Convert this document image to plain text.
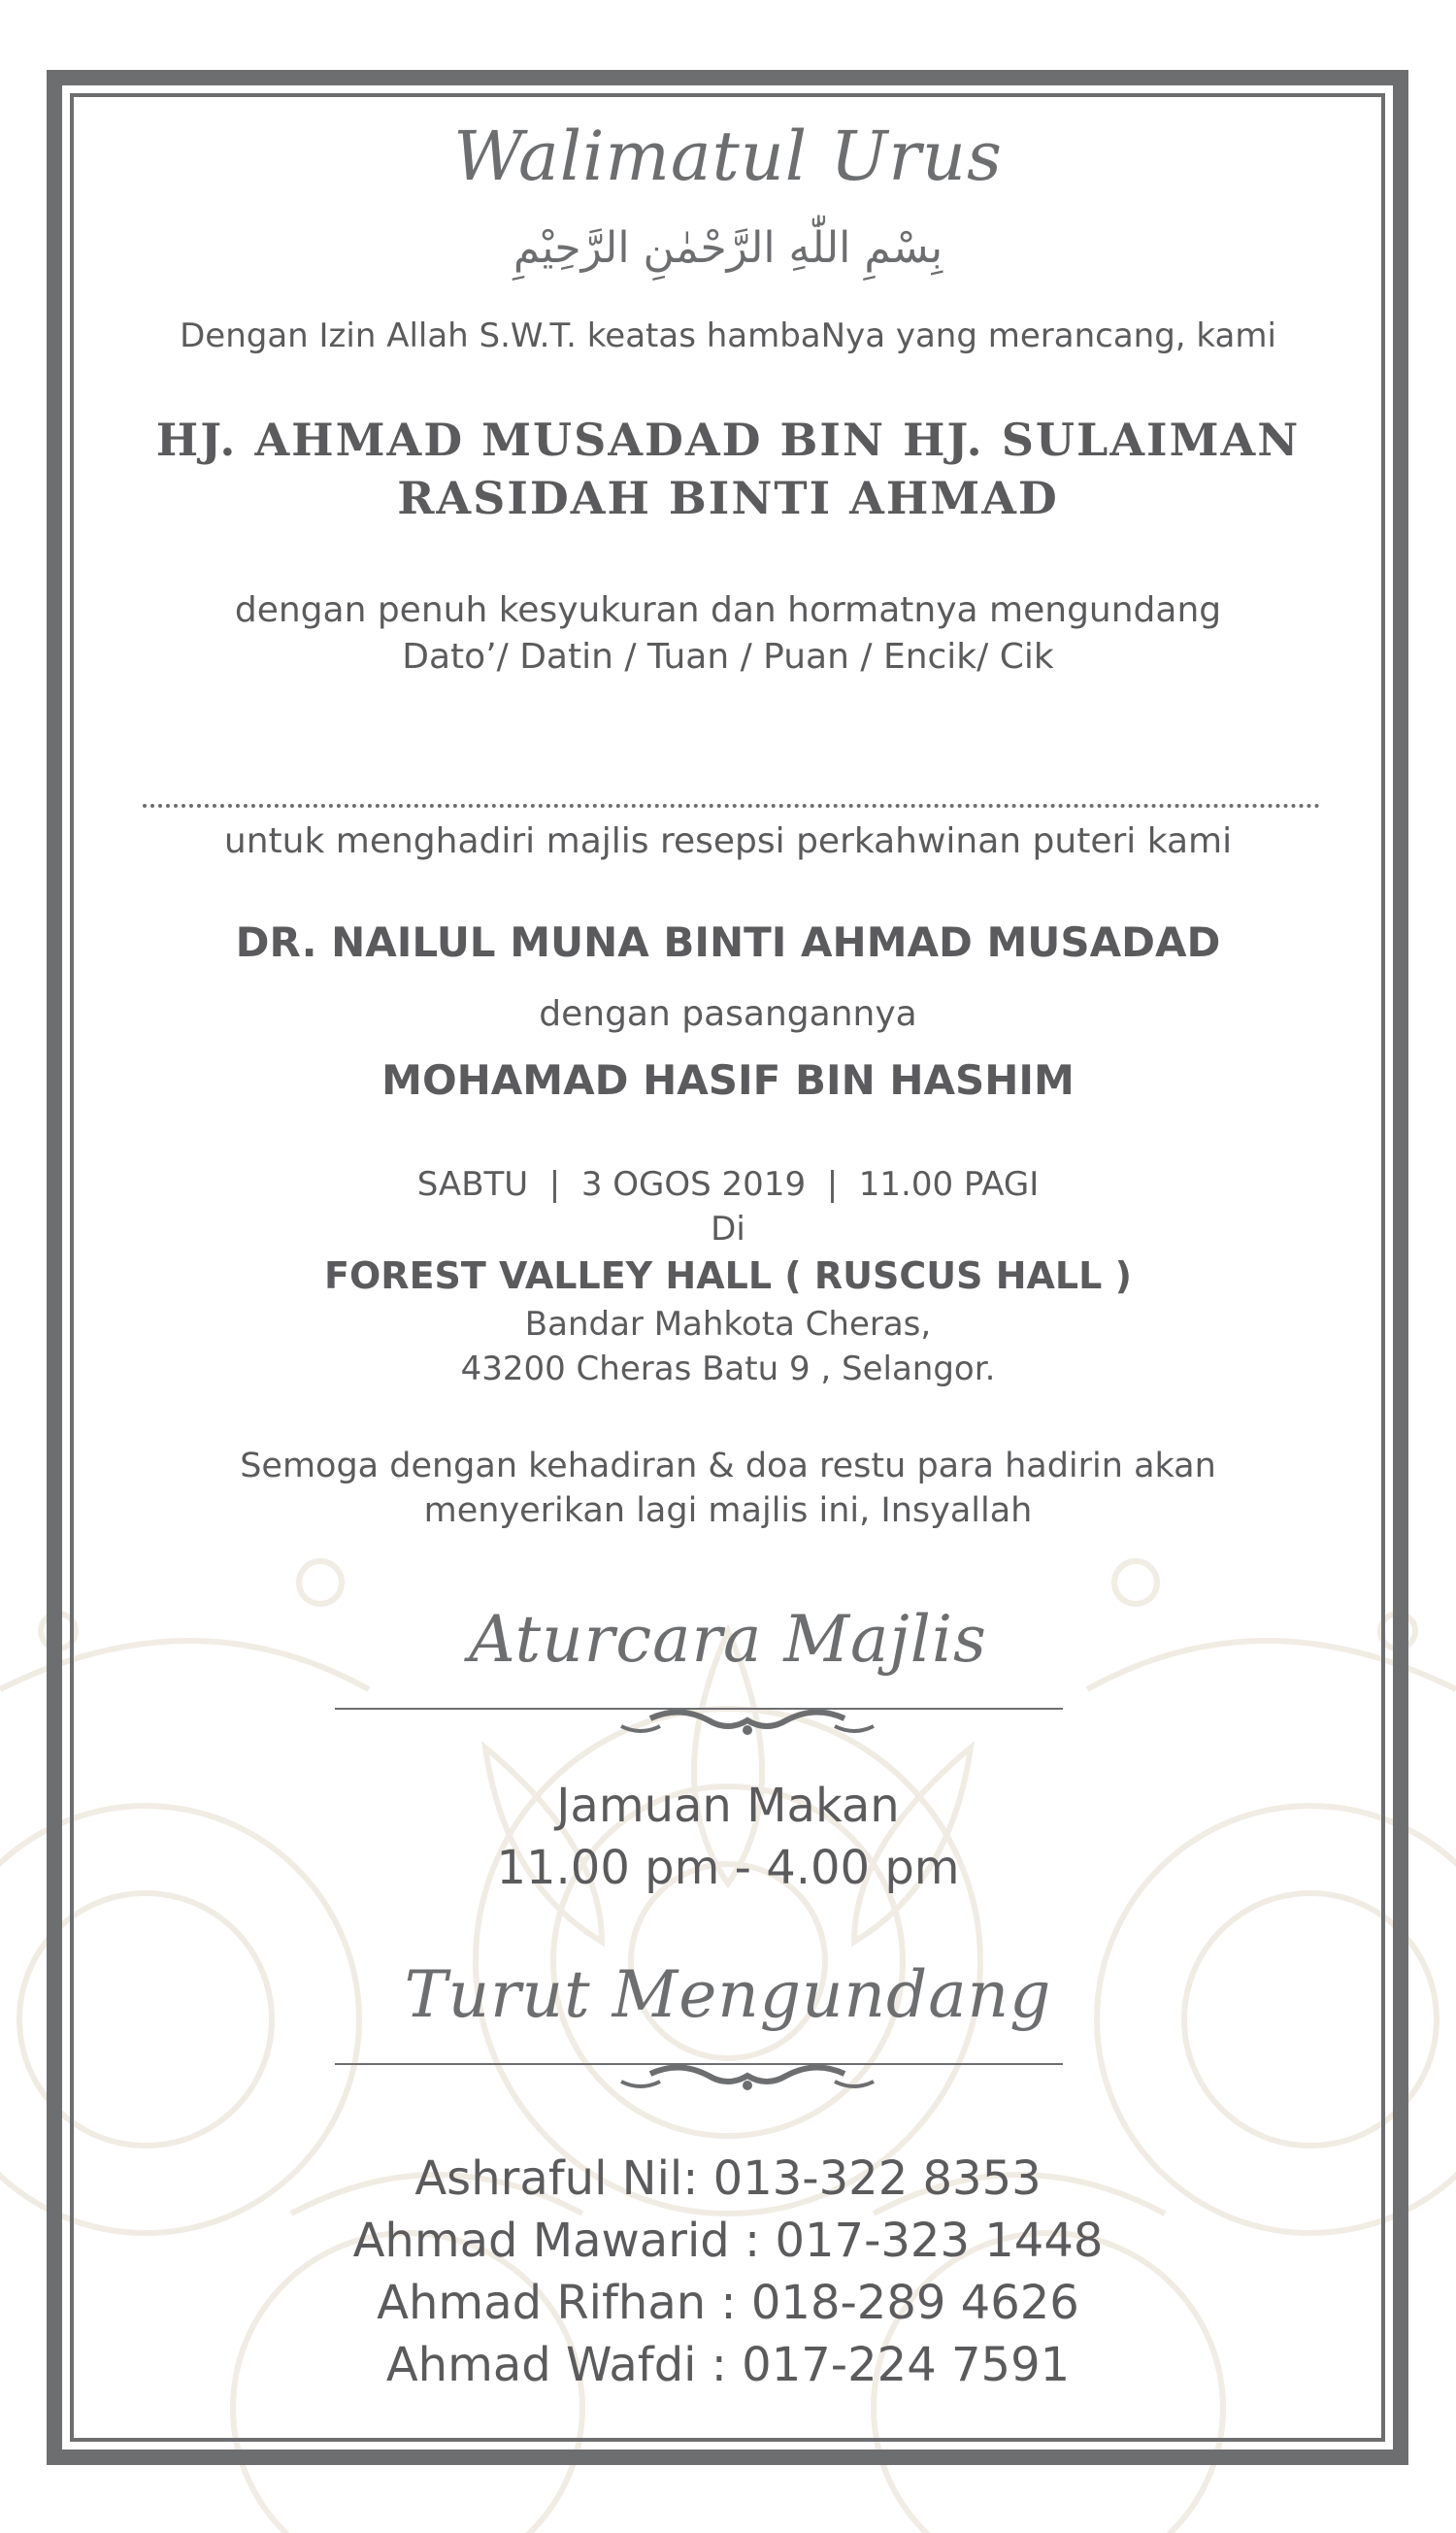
Walimatul Urus
بِسْمِ اللّٰهِ الرَّحْمٰنِ الرَّحِيْمِ
Dengan Izin Allah S.W.T. keatas hambaNya yang merancang, kami
HJ. AHMAD MUSADAD BIN HJ. SULAIMAN
RASIDAH BINTI AHMAD
dengan penuh kesyukuran dan hormatnya mengundang
Dato’/ Datin / Tuan / Puan / Encik/ Cik
untuk menghadiri majlis resepsi perkahwinan puteri kami
DR. NAILUL MUNA BINTI AHMAD MUSADAD
dengan pasangannya
MOHAMAD HASIF BIN HASHIM
SABTU  |  3 OGOS 2019  |  11.00 PAGI
Di
FOREST VALLEY HALL ( RUSCUS HALL )
Bandar Mahkota Cheras,
43200 Cheras Batu 9 , Selangor.
Semoga dengan kehadiran & doa restu para hadirin akan
menyerikan lagi majlis ini, Insyallah
Aturcara Majlis
Jamuan Makan
11.00 pm - 4.00 pm
Turut Mengundang
Ashraful Nil: 013-322 8353
Ahmad Mawarid : 017-323 1448
Ahmad Rifhan : 018-289 4626
Ahmad Wafdi : 017-224 7591
